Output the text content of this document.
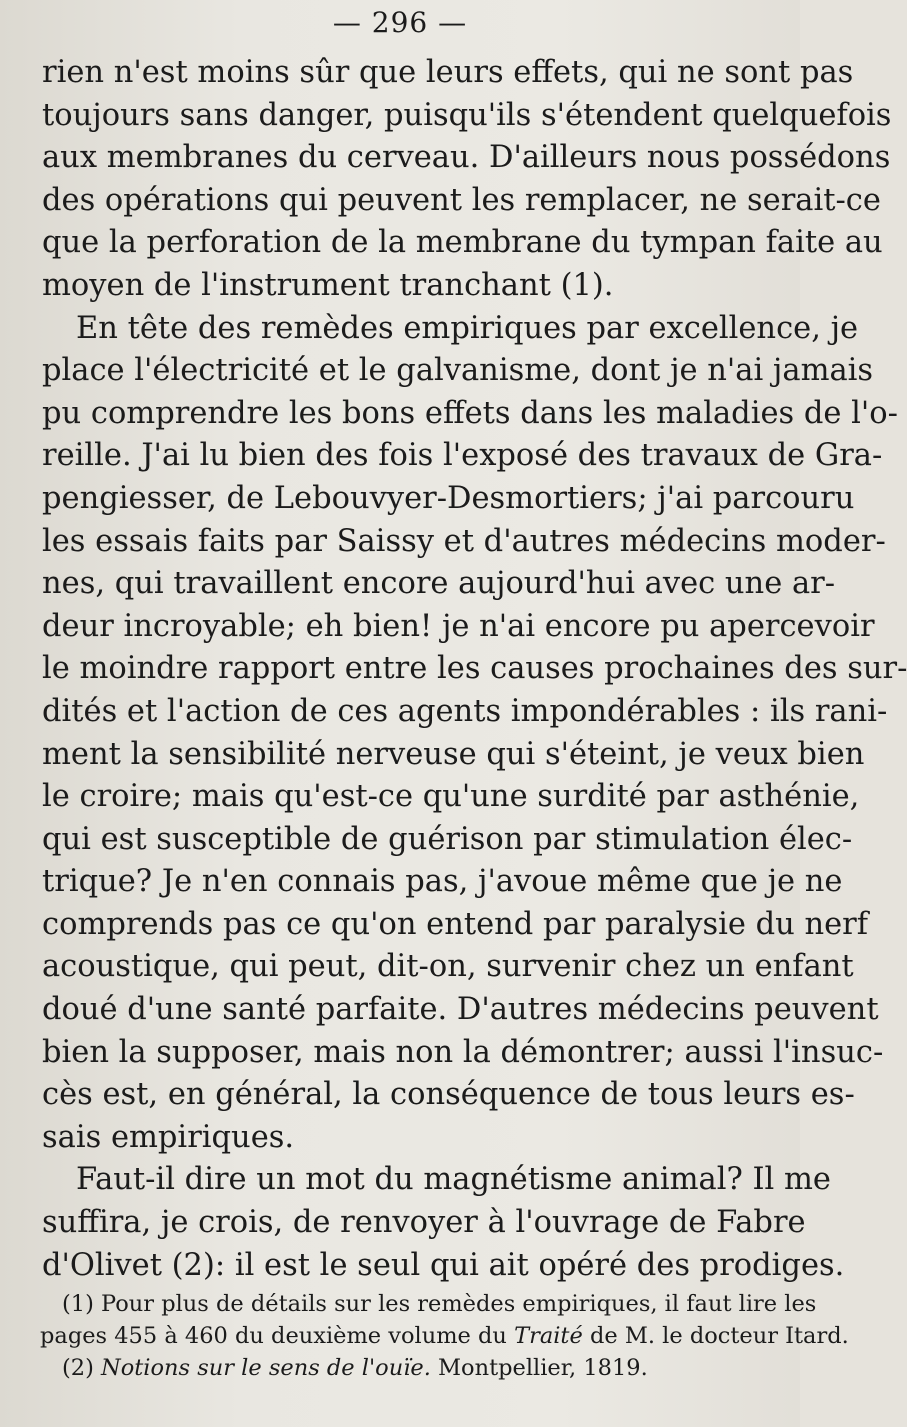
— 296 —
rien n'est moins sûr que leurs effets, qui ne sont pas
toujours sans danger, puisqu'ils s'étendent quelquefois
aux membranes du cerveau. D'ailleurs nous possédons
des opérations qui peuvent les remplacer, ne serait-ce
que la perforation de la membrane du tympan faite au
moyen de l'instrument tranchant (1).
En tête des remèdes empiriques par excellence, je
place l'électricité et le galvanisme, dont je n'ai jamais
pu comprendre les bons effets dans les maladies de l'o-
reille. J'ai lu bien des fois l'exposé des travaux de Gra-
pengiesser, de Lebouvyer-Desmortiers; j'ai parcouru
les essais faits par Saissy et d'autres médecins moder-
nes, qui travaillent encore aujourd'hui avec une ar-
deur incroyable; eh bien! je n'ai encore pu apercevoir
le moindre rapport entre les causes prochaines des sur-
dités et l'action de ces agents impondérables : ils rani-
ment la sensibilité nerveuse qui s'éteint, je veux bien
le croire; mais qu'est-ce qu'une surdité par asthénie,
qui est susceptible de guérison par stimulation élec-
trique? Je n'en connais pas, j'avoue même que je ne
comprends pas ce qu'on entend par paralysie du nerf
acoustique, qui peut, dit-on, survenir chez un enfant
doué d'une santé parfaite. D'autres médecins peuvent
bien la supposer, mais non la démontrer; aussi l'insuc-
cès est, en général, la conséquence de tous leurs es-
sais empiriques.
Faut-il dire un mot du magnétisme animal? Il me
suffira, je crois, de renvoyer à l'ouvrage de Fabre
d'Olivet (2): il est le seul qui ait opéré des prodiges.
(1) Pour plus de détails sur les remèdes empiriques, il faut lire les
pages 455 à 460 du deuxième volume du Traité de M. le docteur Itard.
(2) Notions sur le sens de l'ouïe. Montpellier, 1819.
